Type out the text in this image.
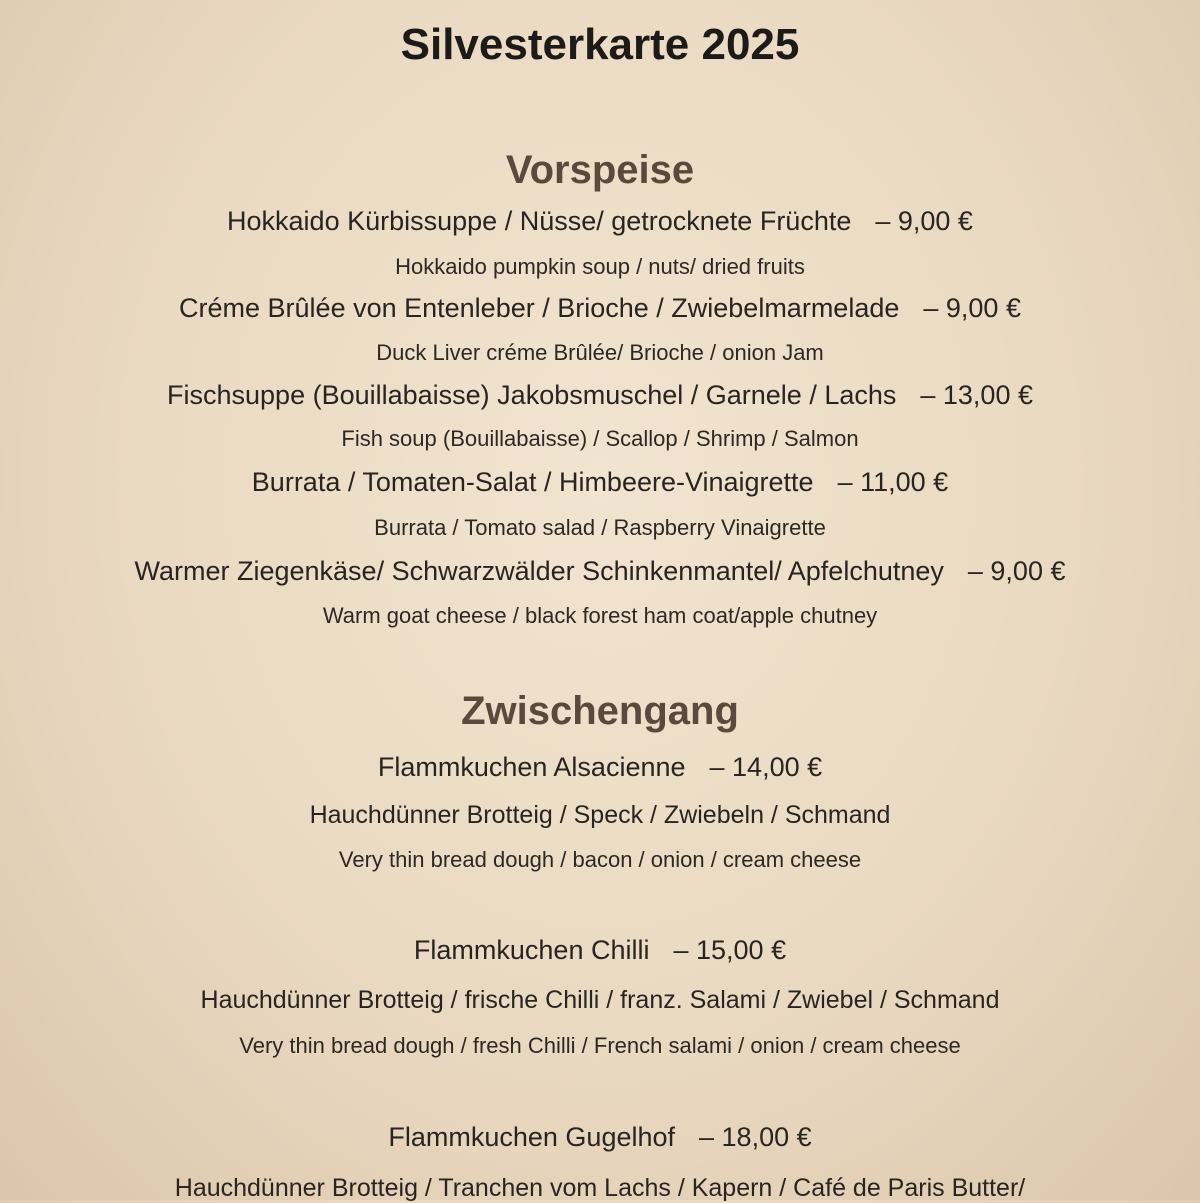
Silvesterkarte 2025
Vorspeise
Hokkaido Kürbissuppe / Nüsse/ getrocknete Früchte – 9,00 €
Hokkaido pumpkin soup / nuts/ dried fruits
Créme Brûlée von Entenleber / Brioche / Zwiebelmarmelade – 9,00 €
Duck Liver créme Brûlée/ Brioche / onion Jam
Fischsuppe (Bouillabaisse) Jakobsmuschel / Garnele / Lachs – 13,00 €
Fish soup (Bouillabaisse) / Scallop / Shrimp / Salmon
Burrata / Tomaten-Salat / Himbeere-Vinaigrette – 11,00 €
Burrata / Tomato salad / Raspberry Vinaigrette
Warmer Ziegenkäse/ Schwarzwälder Schinkenmantel/ Apfelchutney – 9,00 €
Warm goat cheese / black forest ham coat/apple chutney
Zwischengang
Flammkuchen Alsacienne – 14,00 €
Hauchdünner Brotteig / Speck / Zwiebeln / Schmand
Very thin bread dough / bacon / onion / cream cheese
Flammkuchen Chilli – 15,00 €
Hauchdünner Brotteig / frische Chilli / franz. Salami / Zwiebel / Schmand
Very thin bread dough / fresh Chilli / French salami / onion / cream cheese
Flammkuchen Gugelhof – 18,00 €
Hauchdünner Brotteig / Tranchen vom Lachs / Kapern / Café de Paris Butter/
